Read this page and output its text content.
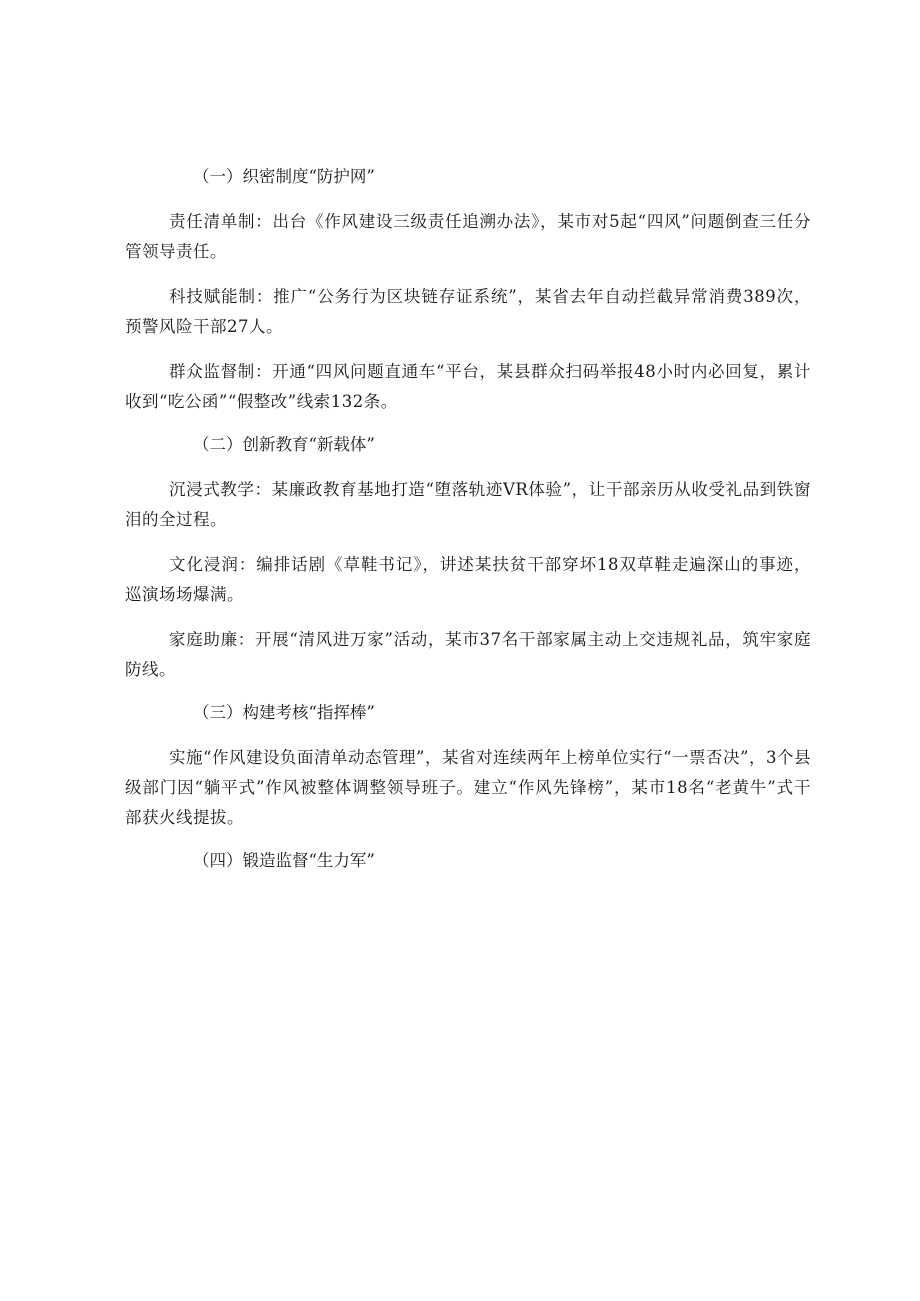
（一）织密制度“防护网”

责任清单制：出台《作风建设三级责任追溯办法》，某市对5起“四风”问题倒查三任分管领导责任。

科技赋能制：推广“公务行为区块链存证系统”，某省去年自动拦截异常消费389次，预警风险干部27人。

群众监督制：开通“四风问题直通车“平台，某县群众扫码举报48小时内必回复，累计收到“吃公函”“假整改”线索132条。

（二）创新教育“新载体”

沉浸式教学：某廉政教育基地打造“堕落轨迹VR体验”，让干部亲历从收受礼品到铁窗泪的全过程。

文化浸润：编排话剧《草鞋书记》，讲述某扶贫干部穿坏18双草鞋走遍深山的事迹，巡演场场爆满。

家庭助廉：开展“清风进万家”活动，某市37名干部家属主动上交违规礼品，筑牢家庭防线。

（三）构建考核“指挥棒”

实施“作风建设负面清单动态管理”，某省对连续两年上榜单位实行“一票否决”，3个县级部门因“躺平式”作风被整体调整领导班子。建立“作风先锋榜”，某市18名“老黄牛”式干部获火线提拔。

（四）锻造监督“生力军”
